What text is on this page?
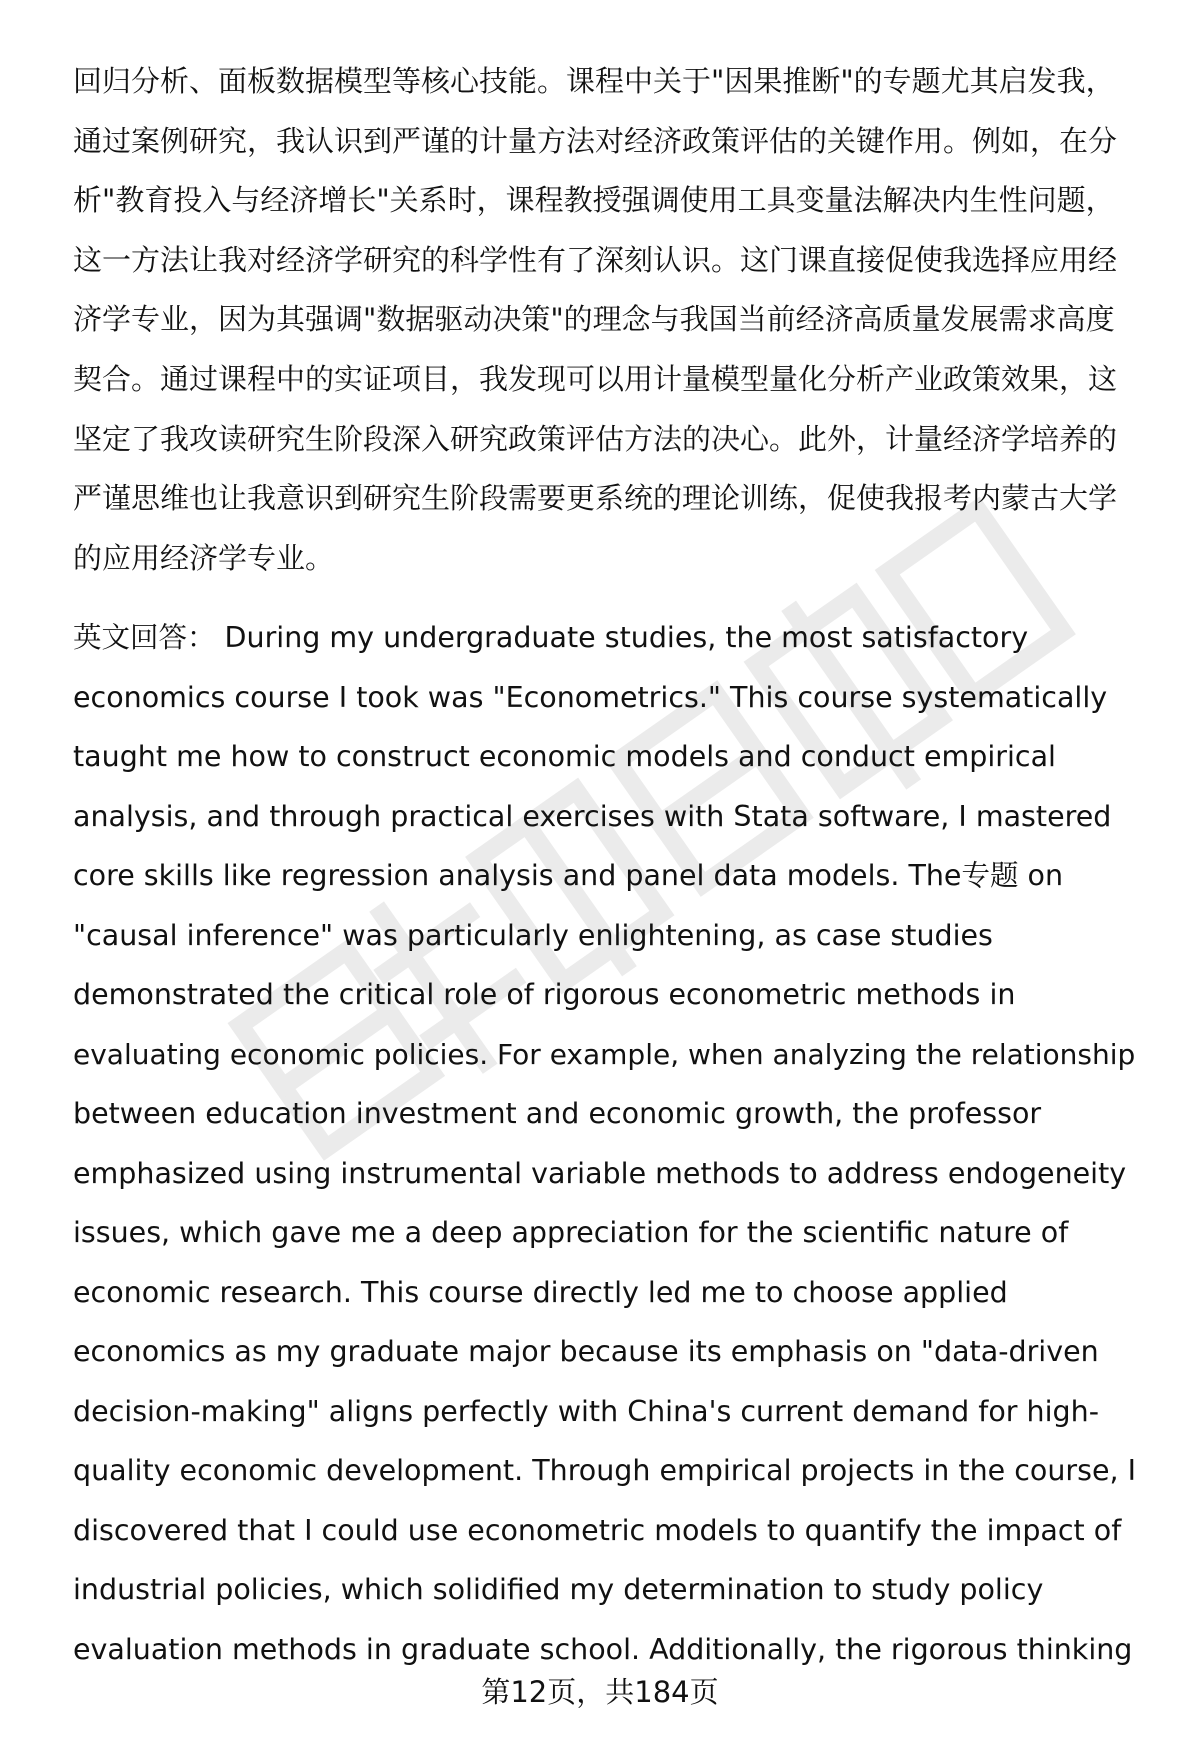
回归分析、面板数据模型等核心技能。课程中关于"因果推断"的专题尤其启发我，
通过案例研究，我认识到严谨的计量方法对经济政策评估的关键作用。例如，在分
析"教育投入与经济增长"关系时，课程教授强调使用工具变量法解决内生性问题，
这一方法让我对经济学研究的科学性有了深刻认识。这门课直接促使我选择应用经
济学专业，因为其强调"数据驱动决策"的理念与我国当前经济高质量发展需求高度
契合。通过课程中的实证项目，我发现可以用计量模型量化分析产业政策效果，这
坚定了我攻读研究生阶段深入研究政策评估方法的决心。此外，计量经济学培养的
严谨思维也让我意识到研究生阶段需要更系统的理论训练，促使我报考内蒙古大学
的应用经济学专业。
英文回答： During my undergraduate studies, the most satisfactory
economics course I took was "Econometrics." This course systematically
taught me how to construct economic models and conduct empirical
analysis, and through practical exercises with Stata software, I mastered
core skills like regression analysis and panel data models. The专题 on
"causal inference" was particularly enlightening, as case studies
demonstrated the critical role of rigorous econometric methods in
evaluating economic policies. For example, when analyzing the relationship
between education investment and economic growth, the professor
emphasized using instrumental variable methods to address endogeneity
issues, which gave me a deep appreciation for the scientific nature of
economic research. This course directly led me to choose applied
economics as my graduate major because its emphasis on "data-driven
decision-making" aligns perfectly with China's current demand for high-
quality economic development. Through empirical projects in the course, I
discovered that I could use econometric models to quantify the impact of
industrial policies, which solidified my determination to study policy
evaluation methods in graduate school. Additionally, the rigorous thinking
第12页，共184页
